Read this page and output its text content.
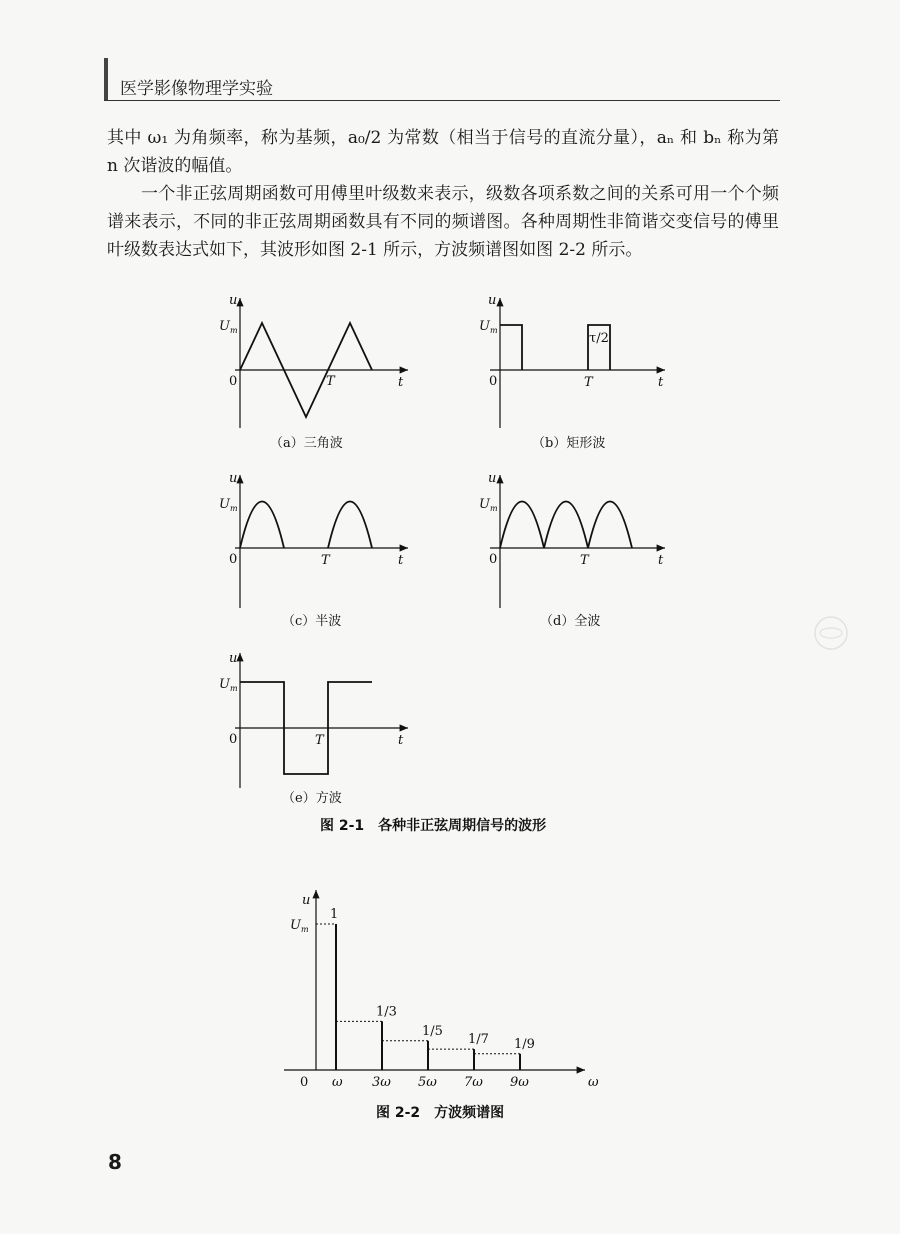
医学影像物理学实验

其中 ω₁ 为角频率，称为基频，a₀/2 为常数（相当于信号的直流分量），aₙ 和 bₙ 称为第 n 次谐波的幅值。

一个非正弦周期函数可用傅里叶级数来表示，级数各项系数之间的关系可用一个个频谱来表示，不同的非正弦周期函数具有不同的频谱图。各种周期性非简谐交变信号的傅里叶级数表达式如下，其波形如图 2-1 所示，方波频谱图如图 2-2 所示。

u
$U_m$
0	T	t
（a）三角波
u
$U_m$
τ/2
0	T	t
（b）矩形波
u
$U_m$
0	T	t
（c）半波
u
$U_m$
0	T	t
（d）全波
u
$U_m$
0	T	t
（e）方波
图 2-1　各种非正弦周期信号的波形
u
$U_m$
0	ω
1
ω
1/3
3ω
1/5
5ω
1/7
7ω
1/9
9ω
图 2-2　方波频谱图
8
